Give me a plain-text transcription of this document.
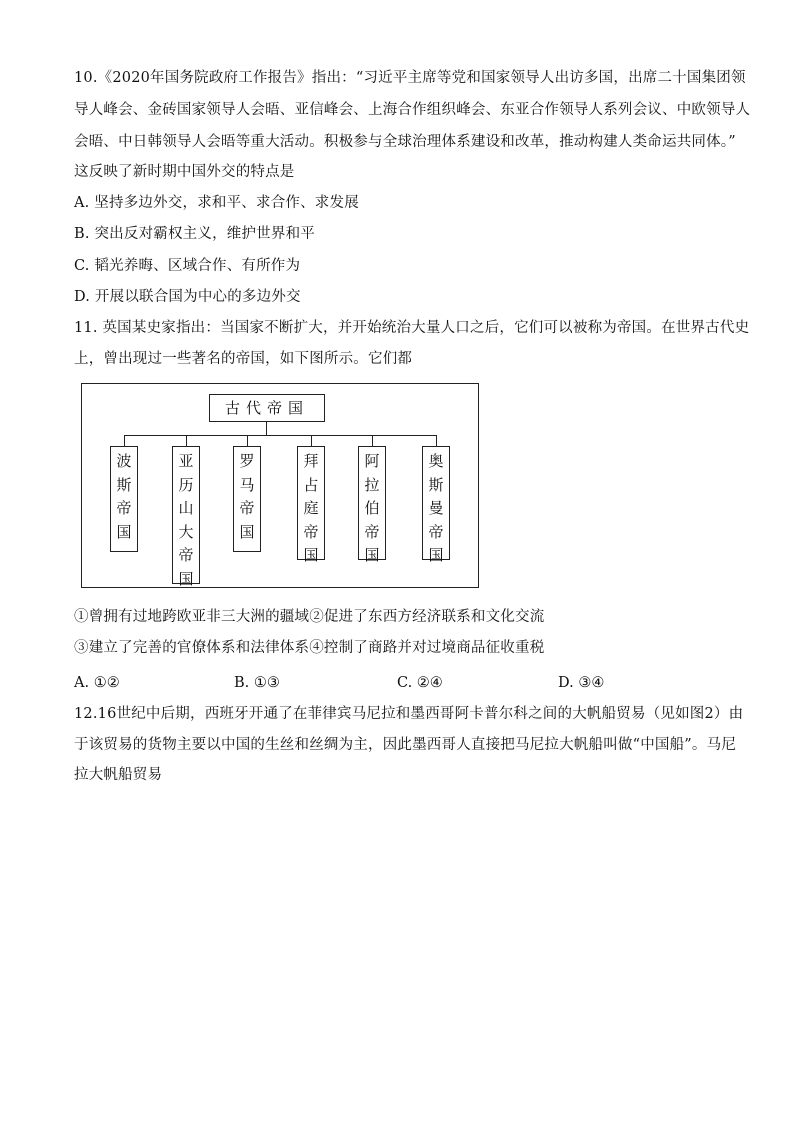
10.《2020年国务院政府工作报告》指出：“习近平主席等党和国家领导人出访多国，出席二十国集团领
导人峰会、金砖国家领导人会晤、亚信峰会、上海合作组织峰会、东亚合作领导人系列会议、中欧领导人
会晤、中日韩领导人会晤等重大活动。积极参与全球治理体系建设和改革，推动构建人类命运共同体。”
这反映了新时期中国外交的特点是
A. 坚持多边外交，求和平、求合作、求发展
B. 突出反对霸权主义，维护世界和平
C. 韬光养晦、区域合作、有所作为
D. 开展以联合国为中心的多边外交
11. 英国某史家指出：当国家不断扩大，并开始统治大量人口之后，它们可以被称为帝国。在世界古代史
上，曾出现过一些著名的帝国，如下图所示。它们都
古代帝国
波
斯
帝
国
亚
历
山
大
帝
国
罗
马
帝
国
拜
占
庭
帝
国
阿
拉
伯
帝
国
奥
斯
曼
帝
国
①曾拥有过地跨欧亚非三大洲的疆域②促进了东西方经济联系和文化交流
③建立了完善的官僚体系和法律体系④控制了商路并对过境商品征收重税
A. ①②	B. ①③	C. ②④	D. ③④
12.16世纪中后期，西班牙开通了在菲律宾马尼拉和墨西哥阿卡普尔科之间的大帆船贸易（见如图2）由
于该贸易的货物主要以中国的生丝和丝绸为主，因此墨西哥人直接把马尼拉大帆船叫做“中国船”。马尼
拉大帆船贸易
